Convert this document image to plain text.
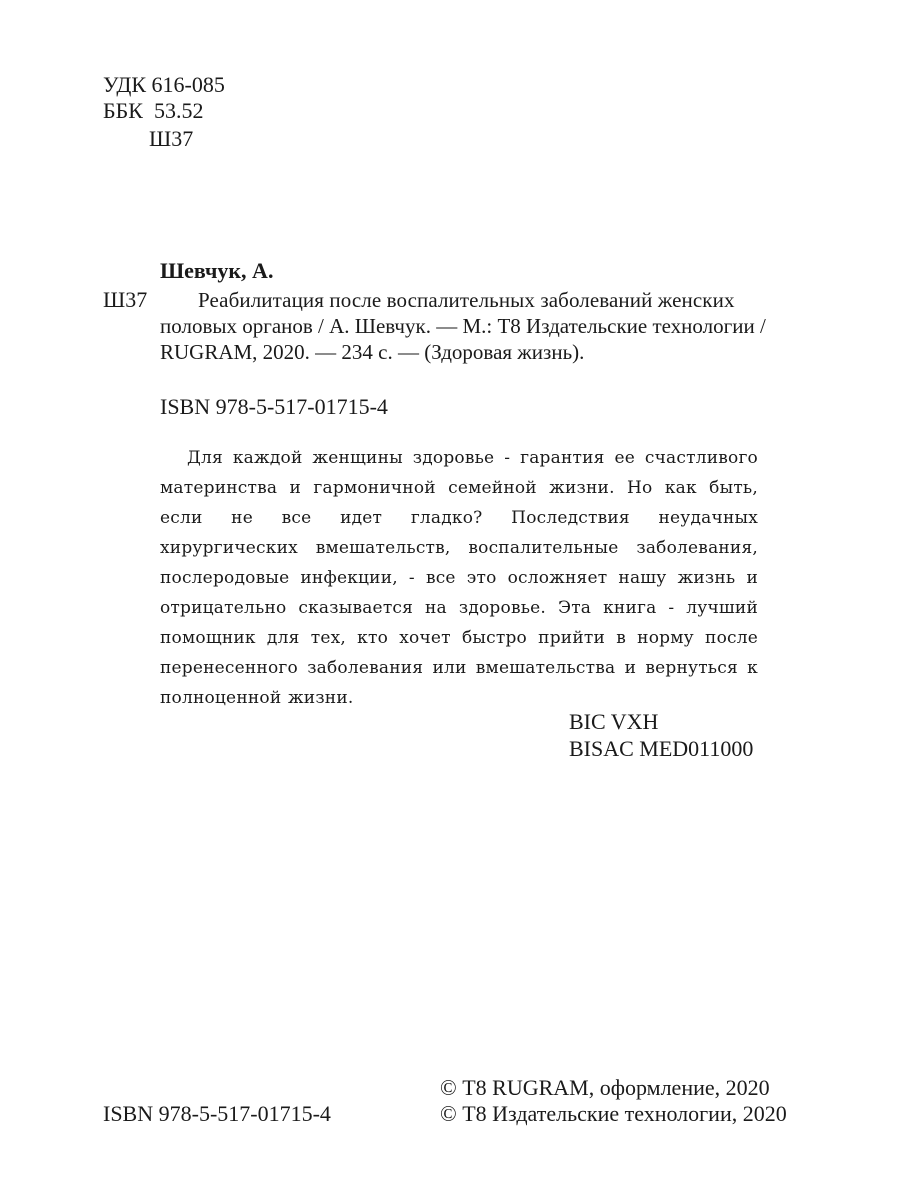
УДК 616-085
ББК  53.52
Ш37
Шевчук, А.
Ш37	Реабилитация после воспалительных заболеваний женских
половых органов / А. Шевчук. — М.: Т8 Издательские технологии /
RUGRAM, 2020. — 234 с. — (Здоровая жизнь).
ISBN 978-5-517-01715-4

Для каждой женщины здоровье - гарантия ее счастливого материнства и гармоничной семейной жизни. Но как быть, если не все идет гладко? Последствия неудачных хирургических вмешательств, воспалительные заболевания, послеродовые инфекции, - все это осложняет нашу жизнь и отрицательно сказывается на здоровье. Эта книга - лучший помощник для тех, кто хочет быстро прийти в норму после перенесенного заболевания или вмешательства и вернуться к полноценной жизни.

BIC VXH
BISAC MED011000
© Т8 RUGRAM, оформление, 2020
© Т8 Издательские технологии, 2020
ISBN 978-5-517-01715-4
